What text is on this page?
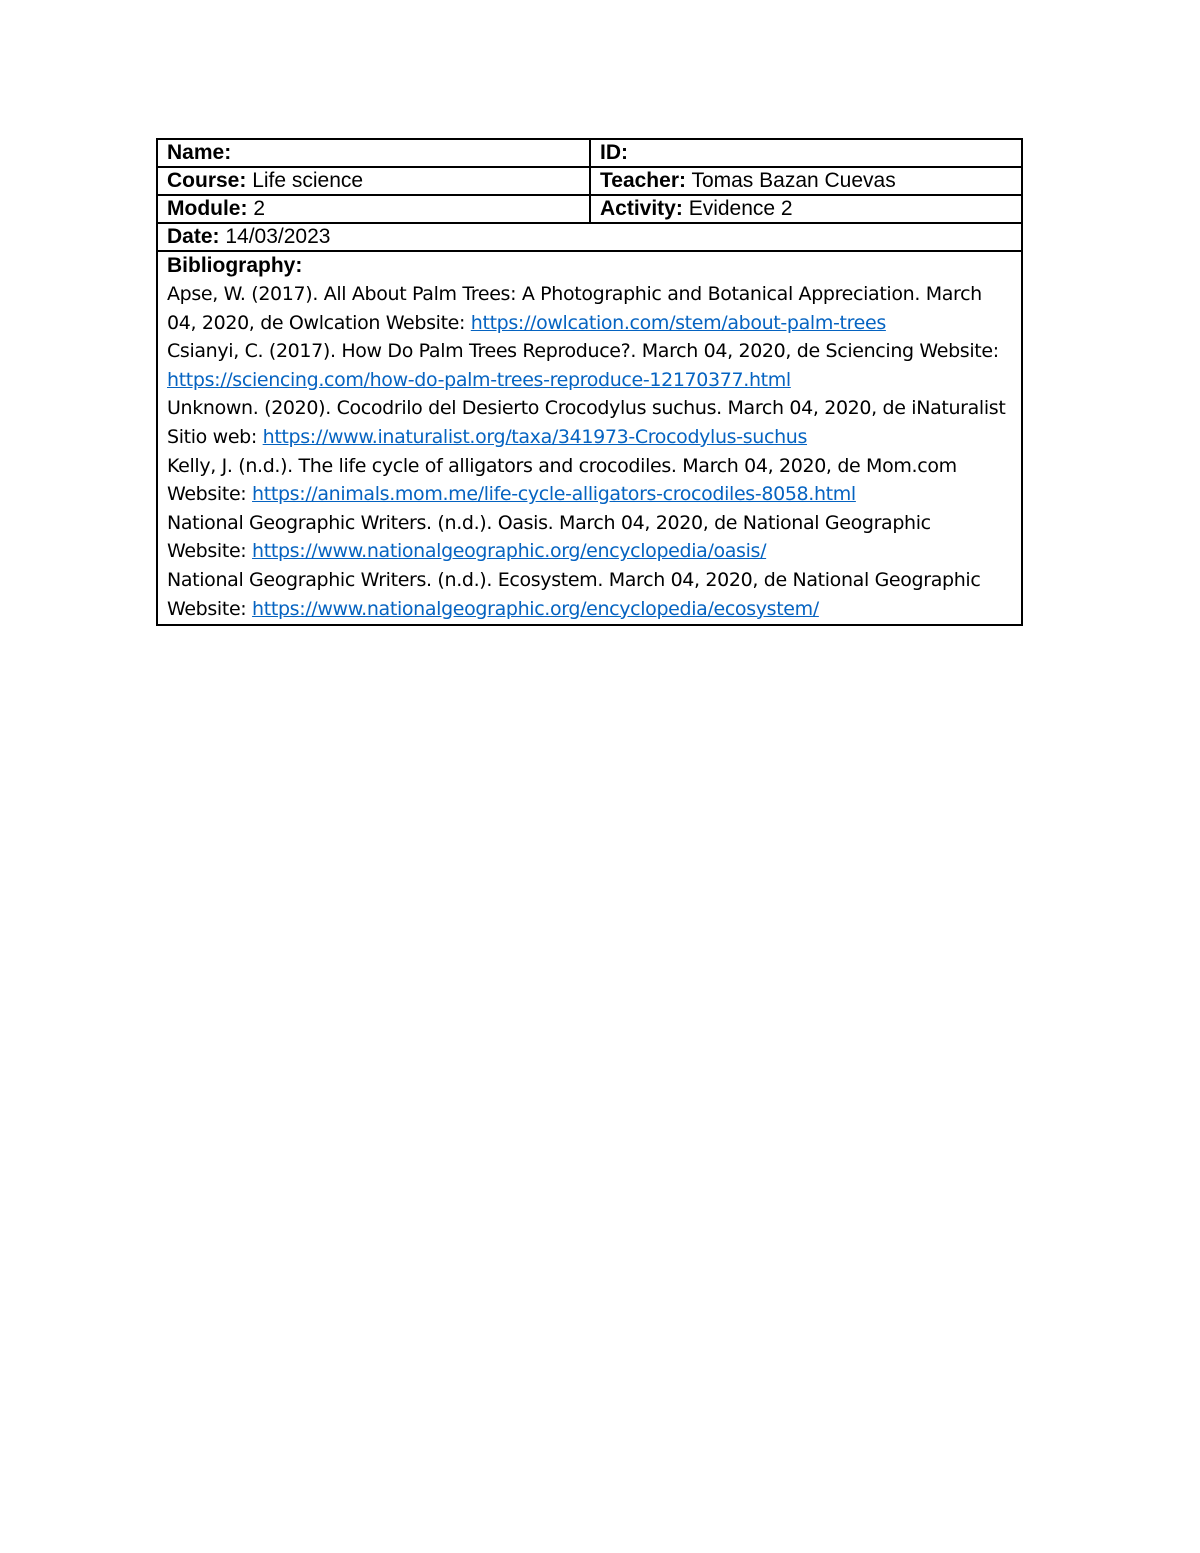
Name:	ID:
Course: Life science	Teacher: Tomas Bazan Cuevas
Module: 2	Activity: Evidence 2
Date: 14/03/2023
Bibliography:

Apse, W. (2017). All About Palm Trees: A Photographic and Botanical Appreciation. March 04, 2020, de Owlcation Website: https://owlcation.com/stem/about-palm-trees

Csianyi, C. (2017). How Do Palm Trees Reproduce?. March 04, 2020, de Sciencing Website: https://sciencing.com/how-do-palm-trees-reproduce-12170377.html

Unknown. (2020). Cocodrilo del Desierto Crocodylus suchus. March 04, 2020, de iNaturalist Sitio web: https://www.inaturalist.org/taxa/341973-Crocodylus-suchus

Kelly, J. (n.d.). The life cycle of alligators and crocodiles. March 04, 2020, de Mom.com Website: https://animals.mom.me/life-cycle-alligators-crocodiles-8058.html

National Geographic Writers. (n.d.). Oasis. March 04, 2020, de National Geographic Website: https://www.nationalgeographic.org/encyclopedia/oasis/

National Geographic Writers. (n.d.). Ecosystem. March 04, 2020, de National Geographic Website: https://www.nationalgeographic.org/encyclopedia/ecosystem/
